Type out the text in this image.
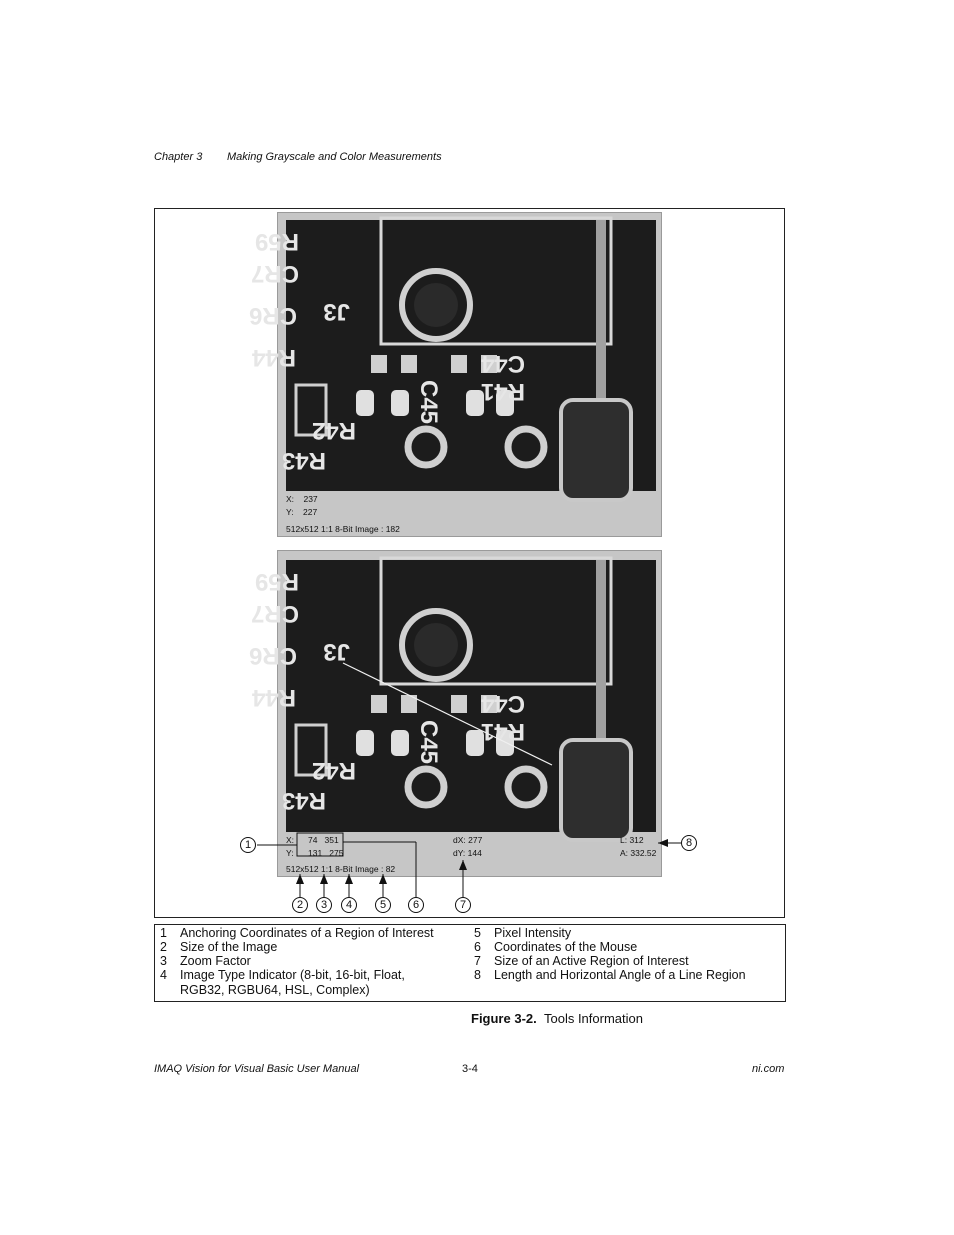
Chapter 3 Making Grayscale and Color Measurements
R59
CR7
J3
CR6
R44
C45
C44
R41
R42
R43
X:    237
Y:    227
512x512 1:1 8-Bit Image : 182
R59
CR7
J3
CR6
R44
C45
C44
R41
R42
R43
X: 74   351
Y: 131   275
dX: 277
dY: 144
L: 312
A: 332.52
512x512 1:1 8-Bit Image : 82
1
2	3	4	5	6	7
8
1	Anchoring Coordinates of a Region of Interest
2	Size of the Image
3	Zoom Factor
4	Image Type Indicator (8-bit, 16-bit, Float,
RGB32, RGBU64, HSL, Complex)
5	Pixel Intensity
6	Coordinates of the Mouse
7	Size of an Active Region of Interest
8	Length and Horizontal Angle of a Line Region
Figure 3-2. Tools Information
IMAQ Vision for Visual Basic User Manual	3-4	ni.com
